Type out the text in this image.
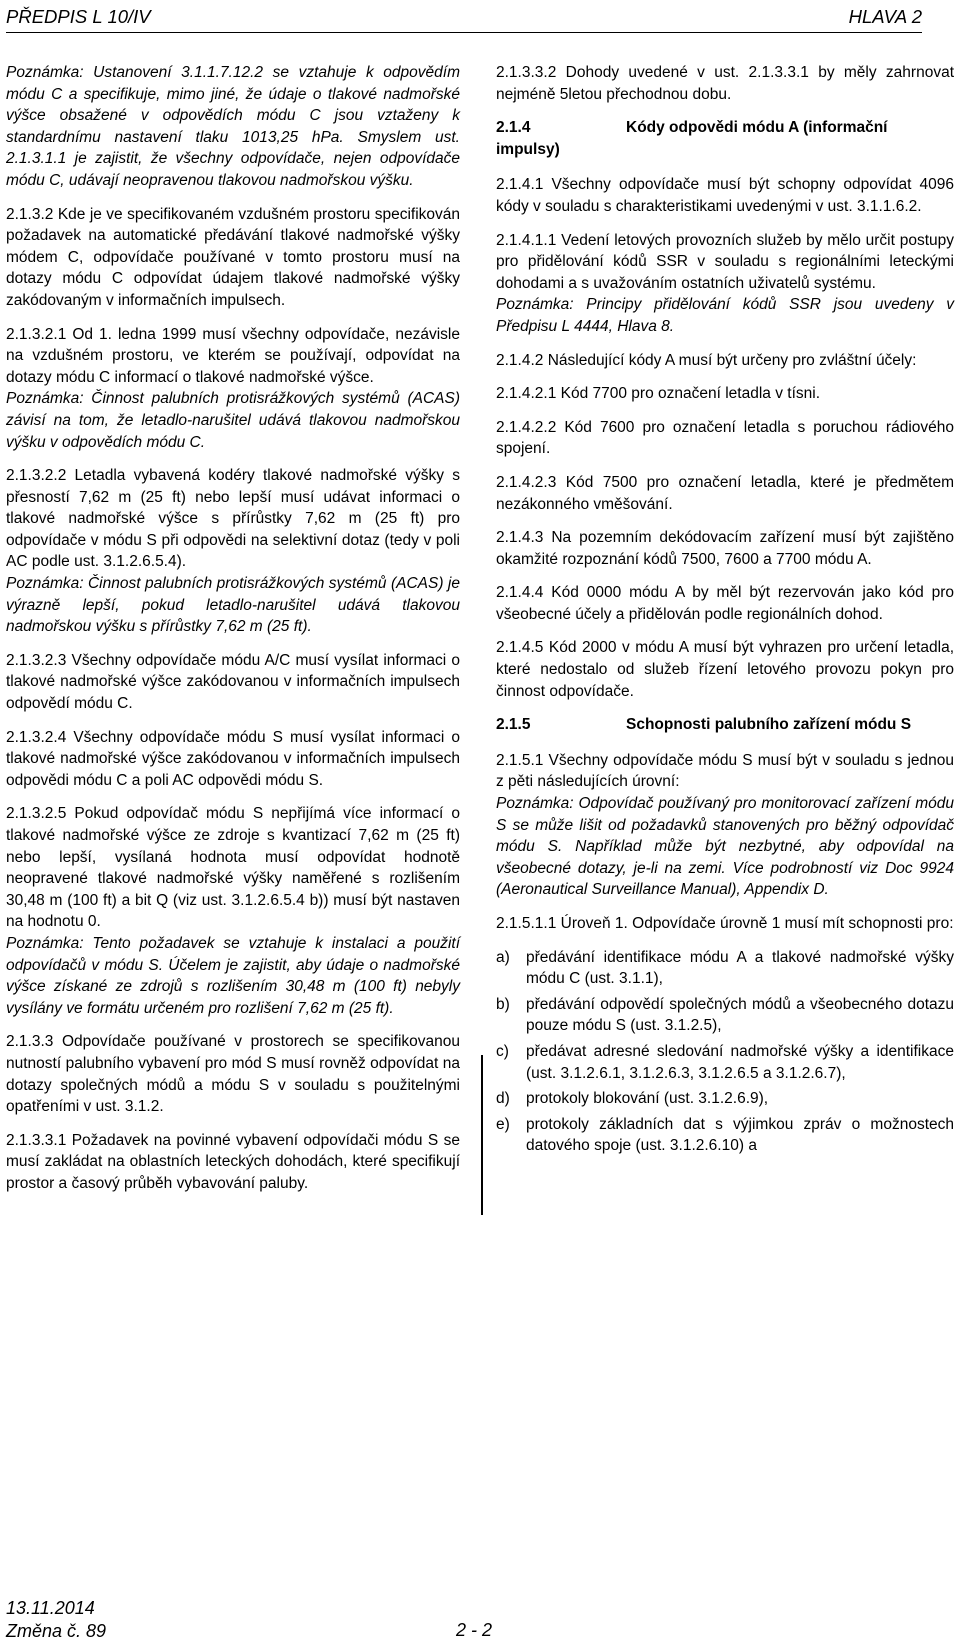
PŘEDPIS L 10/IV	HLAVA 2

Poznámka: Ustanovení 3.1.1.7.12.2 se vztahuje k odpovědím módu C a specifikuje, mimo jiné, že údaje o tlakové nadmořské výšce obsažené v odpovědích módu C jsou vztaženy k standardnímu nastavení tlaku 1013,25 hPa. Smyslem ust. 2.1.3.1.1 je zajistit, že všechny odpovídače, nejen odpovídače módu C, udávají neopravenou tlakovou nadmořskou výšku.

2.1.3.2 Kde je ve specifikovaném vzdušném prostoru specifikován požadavek na automatické předávání tlakové nadmořské výšky módem C, odpovídače používané v tomto prostoru musí na dotazy módu C odpovídat údajem tlakové nadmořské výšky zakódovaným v informačních impulsech.

2.1.3.2.1 Od 1. ledna 1999 musí všechny odpovídače, nezávisle na vzdušném prostoru, ve kterém se používají, odpovídat na dotazy módu C informací o tlakové nadmořské výšce.

Poznámka: Činnost palubních protisrážkových systémů (ACAS) závisí na tom, že letadlo-narušitel udává tlakovou nadmořskou výšku v odpovědích módu C.

2.1.3.2.2 Letadla vybavená kodéry tlakové nadmořské výšky s přesností 7,62 m (25 ft) nebo lepší musí udávat informaci o tlakové nadmořské výšce s přírůstky 7,62 m (25 ft) pro odpovídače v módu S při odpovědi na selektivní dotaz (tedy v poli AC podle ust. 3.1.2.6.5.4).

Poznámka: Činnost palubních protisrážkových systémů (ACAS) je výrazně lepší, pokud letadlo-narušitel udává tlakovou nadmořskou výšku s přírůstky 7,62 m (25 ft).

2.1.3.2.3 Všechny odpovídače módu A/C musí vysílat informaci o tlakové nadmořské výšce zakódovanou v informačních impulsech odpovědí módu C.

2.1.3.2.4 Všechny odpovídače módu S musí vysílat informaci o tlakové nadmořské výšce zakódovanou v informačních impulsech odpovědi módu C a poli AC odpovědi módu S.

2.1.3.2.5 Pokud odpovídač módu S nepřijímá více informací o tlakové nadmořské výšce ze zdroje s kvantizací 7,62 m (25 ft) nebo lepší, vysílaná hodnota musí odpovídat hodnotě neopravené tlakové nadmořské výšky naměřené s rozlišením 30,48 m (100 ft) a bit Q (viz ust. 3.1.2.6.5.4 b)) musí být nastaven na hodnotu 0.

Poznámka: Tento požadavek se vztahuje k instalaci a použití odpovídačů v módu S. Účelem je zajistit, aby údaje o nadmořské výšce získané ze zdrojů s rozlišením 30,48 m (100 ft) nebyly vysílány ve formátu určeném pro rozlišení 7,62 m (25 ft).

2.1.3.3 Odpovídače používané v prostorech se specifikovanou nutností palubního vybavení pro mód S musí rovněž odpovídat na dotazy společných módů a módu S v souladu s použitelnými opatřeními v ust. 3.1.2.

2.1.3.3.1 Požadavek na povinné vybavení odpovídači módu S se musí zakládat na oblastních leteckých dohodách, které specifikují prostor a časový průběh vybavování paluby.

2.1.3.3.2 Dohody uvedené v ust. 2.1.3.3.1 by měly zahrnovat nejméně 5letou přechodnou dobu.

2.1.4	Kódy odpovědi módu A (informační impulsy)

2.1.4.1 Všechny odpovídače musí být schopny odpovídat 4096 kódy v souladu s charakteristikami uvedenými v ust. 3.1.1.6.2.

2.1.4.1.1 Vedení letových provozních služeb by mělo určit postupy pro přidělování kódů SSR v souladu s regionálními leteckými dohodami a s uvažováním ostatních uživatelů systému.

Poznámka: Principy přidělování kódů SSR jsou uvedeny v Předpisu L 4444, Hlava 8.

2.1.4.2 Následující kódy A musí být určeny pro zvláštní účely:

2.1.4.2.1 Kód 7700 pro označení letadla v tísni.

2.1.4.2.2 Kód 7600 pro označení letadla s poruchou rádiového spojení.

2.1.4.2.3 Kód 7500 pro označení letadla, které je předmětem nezákonného vměšování.

2.1.4.3 Na pozemním dekódovacím zařízení musí být zajištěno okamžité rozpoznání kódů 7500, 7600 a 7700 módu A.

2.1.4.4 Kód 0000 módu A by měl být rezervován jako kód pro všeobecné účely a přidělován podle regionálních dohod.

2.1.4.5 Kód 2000 v módu A musí být vyhrazen pro určení letadla, které nedostalo od služeb řízení letového provozu pokyn pro činnost odpovídače.

2.1.5	Schopnosti palubního zařízení módu S

2.1.5.1 Všechny odpovídače módu S musí být v souladu s jednou z pěti následujících úrovní:

Poznámka: Odpovídač používaný pro monitorovací zařízení módu S se může lišit od požadavků stanovených pro běžný odpovídač módu S. Například může být nezbytné, aby odpovídal na všeobecné dotazy, je-li na zemi. Více podrobností viz Doc 9924 (Aeronautical Surveillance Manual), Appendix D.

2.1.5.1.1 Úroveň 1. Odpovídače úrovně 1 musí mít schopnosti pro:

a) předávání identifikace módu A a tlakové nadmořské výšky módu C (ust. 3.1.1),
b) předávání odpovědí společných módů a všeobecného dotazu pouze módu S (ust. 3.1.2.5),
c) předávat adresné sledování nadmořské výšky a identifikace (ust. 3.1.2.6.1, 3.1.2.6.3, 3.1.2.6.5 a 3.1.2.6.7),
d) protokoly blokování (ust. 3.1.2.6.9),
e) protokoly základních dat s výjimkou zpráv o možnostech datového spoje (ust. 3.1.2.6.10) a
13.11.2014
Změna č. 89	2 - 2
